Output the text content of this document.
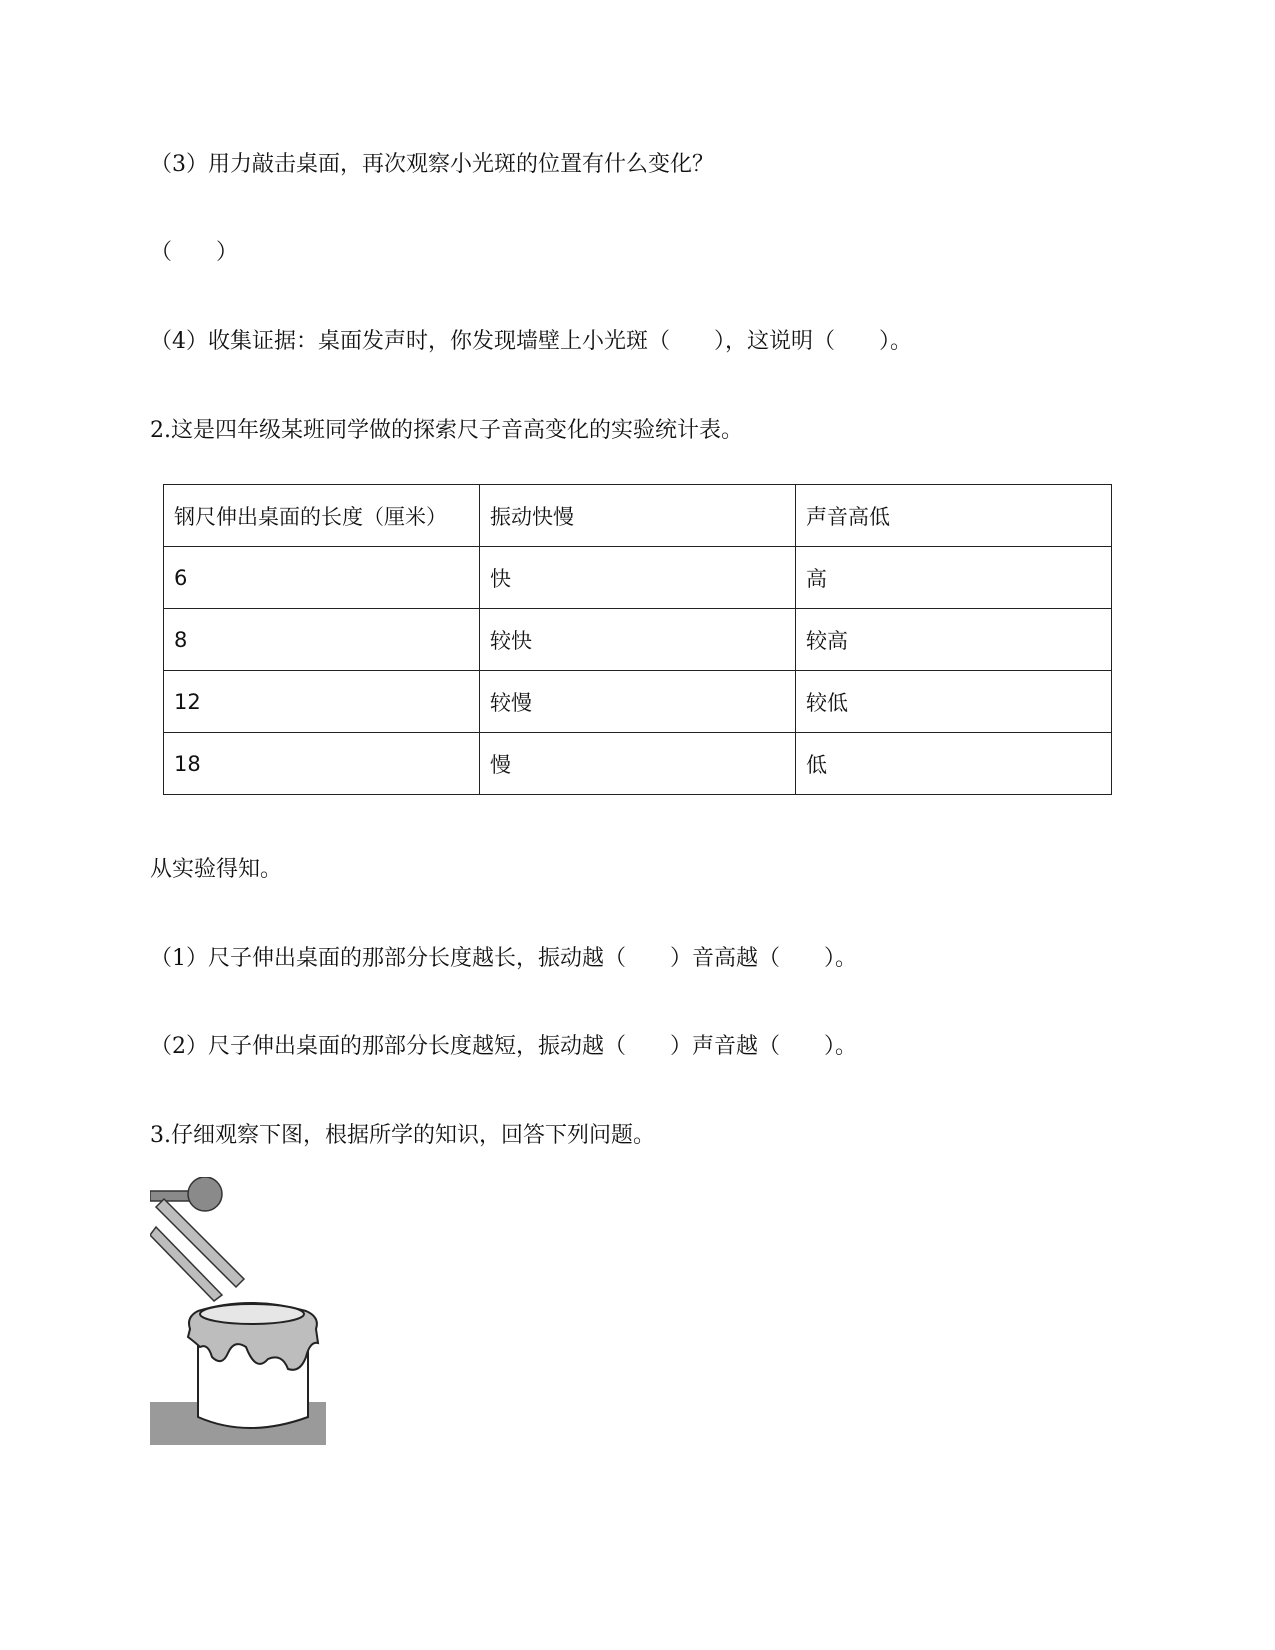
（3）用力敲击桌面，再次观察小光斑的位置有什么变化？
（　　）
（4）收集证据：桌面发声时，你发现墙壁上小光斑（　　），这说明（　　）。
2.这是四年级某班同学做的探索尺子音高变化的实验统计表。
钢尺伸出桌面的长度（厘米）	振动快慢	声音高低
6	快	高
8	较快	较高
12	较慢	较低
18	慢	低
从实验得知。
（1）尺子伸出桌面的那部分长度越长，振动越（　　）音高越（　　）。
（2）尺子伸出桌面的那部分长度越短，振动越（　　）声音越（　　）。
3.仔细观察下图，根据所学的知识，回答下列问题。
